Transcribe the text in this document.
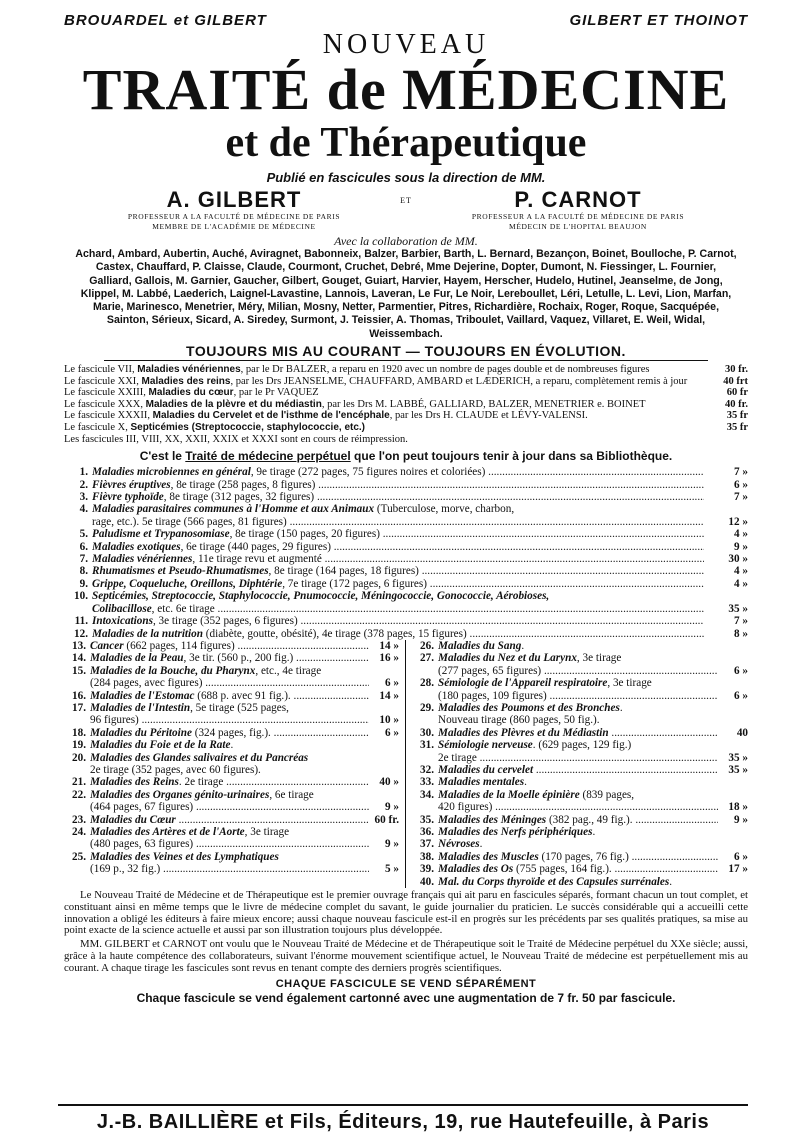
BROUARDEL et GILBERT	GILBERT ET THOINOT
NOUVEAU
TRAITÉ de MÉDECINE
et de Thérapeutique
Publié en fascicules sous la direction de MM.
A. GILBERT
PROFESSEUR A LA FACULTÉ DE MÉDECINE DE PARIS
MEMBRE DE L'ACADÉMIE DE MÉDECINE
ET	P. CARNOT
PROFESSEUR A LA FACULTÉ DE MÉDECINE DE PARIS
MÉDECIN DE L'HOPITAL BEAUJON
Avec la collaboration de MM.
Achard, Ambard, Aubertin, Auché, Aviragnet, Babonneix, Balzer, Barbier, Barth, L. Bernard, Bezançon, Boinet, Boulloche, P. Carnot, Castex, Chauffard, P. Claisse, Claude, Courmont, Cruchet, Debré, Mme Dejerine, Dopter, Dumont, N. Fiessinger, L. Fournier, Galliard, Gallois, M. Garnier, Gaucher, Gilbert, Gouget, Guiart, Harvier, Hayem, Herscher, Hudelo, Hutinel, Jeanselme, de Jong, Klippel, M. Labbé, Laederich, Laignel-Lavastine, Lannois, Laveran, Le Fur, Le Noir, Lereboullet, Léri, Letulle, L. Levi, Lion, Marfan, Marie, Marinesco, Menetrier, Méry, Milian, Mosny, Netter, Parmentier, Pitres, Richardière, Rochaix, Roger, Roque, Sacquépée, Sainton, Sérieux, Sicard, A. Siredey, Surmont, J. Teissier, A. Thomas, Triboulet, Vaillard, Vaquez, Villaret, E. Weil, Widal, Weissembach.
TOUJOURS MIS AU COURANT — TOUJOURS EN ÉVOLUTION.
Le fascicule VII, Maladies vénériennes, par le Dr BALZER, a reparu en 1920 avec un nombre de pages double et de nombreuses figures	30 fr.
Le fascicule XXI, Maladies des reins, par les Drs JEANSELME, CHAUFFARD, AMBARD et LÆDERICH, a reparu, complètement remis à jour	40 frt
Le fascicule XXIII, Maladies du cœur, par le Pr VAQUEZ	60 fr
Le fascicule XXX, Maladies de la plèvre et du médiastin, par les Drs M. LABBÉ, GALLIARD, BALZER, MENETRIER e. BOINET	40 fr.
Le fascicule XXXII, Maladies du Cervelet et de l'isthme de l'encéphale, par les Drs H. CLAUDE et LÉVY-VALENSI.	35 fr
Le fascicule X, Septicémies (Streptococcie, staphylococcie, etc.)	35 fr
Les fascicules III, VIII, XX, XXII, XXIX et XXXI sont en cours de réimpression.
C'est le Traité de médecine perpétuel que l'on peut toujours tenir à jour dans sa Bibliothèque.
1. Maladies microbiennes en général, 9e tirage (272 pages, 75 figures noires et coloriées) .....	7 »
2. Fièvres éruptives, 8e tirage (258 pages, 8 figures) .....	6 »
3. Fièvre typhoïde, 8e tirage (312 pages, 32 figures) .....	7 »
4. Maladies parasitaires communes à l'Homme et aux Animaux (Tuberculose, morve, charbon,
rage, etc.). 5e tirage (566 pages, 81 figures) .....	12 »
5. Paludisme et Trypanosomiase, 8e tirage (150 pages, 20 figures) .....	4 »
6. Maladies exotiques, 6e tirage (440 pages, 29 figures) .....	9 »
7. Maladies vénériennes, 11e tirage revu et augmenté .....	30 »
8. Rhumatismes et Pseudo-Rhumatismes, 8e tirage (164 pages, 18 figures) .....	4 »
9. Grippe, Coqueluche, Oreillons, Diphtérie, 7e tirage (172 pages, 6 figures) .....	4 »
10. Septicémies, Streptococcie, Staphylococcie, Pnumococcie, Méningococcie, Gonococcie, Aérobioses,
Colibacillose, etc. 6e tirage .....	35 »
11. Intoxications, 3e tirage (352 pages, 6 figures) .....	7 »
12. Maladies de la nutrition (diabète, goutte, obésité), 4e tirage (378 pages, 15 figures) .....	8 »
13. Cancer (662 pages, 114 figures) .....	14 »
14. Maladies de la Peau, 3e tir. (560 p., 200 fig.) .....	16 »
15. Maladies de la Bouche, du Pharynx, etc., 4e tirage
(284 pages, avec figures) .....	6 »
16. Maladies de l'Estomac (688 p. avec 91 fig.). .....	14 »
17. Maladies de l'Intestin, 5e tirage (525 pages,
96 figures) .....	10 »
18. Maladies du Péritoine (324 pages, fig.). .....	6 »
19. Maladies du Foie et de la Rate.
20. Maladies des Glandes salivaires et du Pancréas
2e tirage (352 pages, avec 60 figures).
21. Maladies des Reins. 2e tirage .....	40 »
22. Maladies des Organes génito-urinaires, 6e tirage
(464 pages, 67 figures) .....	9 »
23. Maladies du Cœur .....	60 fr.
24. Maladies des Artères et de l'Aorte, 3e tirage
(480 pages, 63 figures) .....	9 »
25. Maladies des Veines et des Lymphatiques
(169 p., 32 fig.) .....	5 »
26. Maladies du Sang.
27. Maladies du Nez et du Larynx, 3e tirage
(277 pages, 65 figures) .....	6 »
28. Sémiologie de l'Appareil respiratoire, 3e tirage
(180 pages, 109 figures) .....	6 »
29. Maladies des Poumons et des Bronches.
Nouveau tirage (860 pages, 50 fig.).
30. Maladies des Plèvres et du Médiastin .....	40
31. Sémiologie nerveuse. (629 pages, 129 fig.)
2e tirage .....	35 »
32. Maladies du cervelet .....	35 »
33. Maladies mentales.
34. Maladies de la Moelle épinière (839 pages,
420 figures) .....	18 »
35. Maladies des Méninges (382 pag., 49 fig.). .....	9 »
36. Maladies des Nerfs périphériques.
37. Névroses.
38. Maladies des Muscles (170 pages, 76 fig.) .....	6 »
39. Maladies des Os (755 pages, 164 fig.). .....	17 »
40. Mal. du Corps thyroïde et des Capsules surrénales.

Le Nouveau Traité de Médecine et de Thérapeutique est le premier ouvrage français qui ait paru en fascicules séparés, formant chacun un tout complet, et constituant ainsi en même temps que le livre de médecine complet du savant, le guide journalier du praticien. Le succès considérable qui a accueilli cette innovation a obligé les éditeurs à faire mieux encore; aussi chaque nouveau fascicule est-il en progrès sur les précédents par ses qualités pratiques, sa mise au point exacte de la science actuelle et aussi par son illustration toujours plus développée.

MM. GILBERT et CARNOT ont voulu que le Nouveau Traité de Médecine et de Thérapeutique soit le Traité de Médecine perpétuel du XXe siècle; aussi, grâce à la haute compétence des collaborateurs, suivant l'énorme mouvement scientifique actuel, le Nouveau Traité de médecine est perpétuellement mis au courant. A chaque tirage les fascicules sont revus en tenant compte des derniers progrès scientifiques.

CHAQUE FASCICULE SE VEND SÉPARÉMENT
Chaque fascicule se vend également cartonné avec une augmentation de 7 fr. 50 par fascicule.
J.-B. BAILLIÈRE et Fils, Éditeurs, 19, rue Hautefeuille, à Paris
